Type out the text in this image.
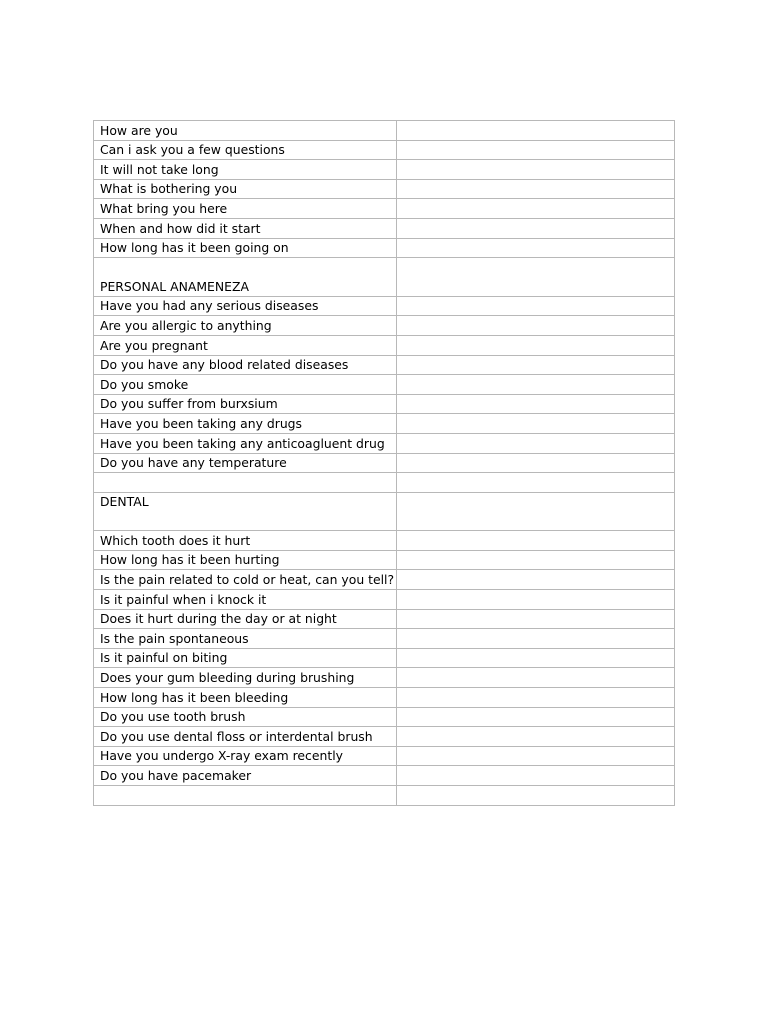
How are you	
Can i ask you a few questions	
It will not take long	
What is bothering you	
What bring you here	
When and how did it start	
How long has it been going on	
PERSONAL ANAMENEZA	
Have you had any serious diseases	
Are you allergic to anything	
Are you pregnant	
Do you have any blood related diseases	
Do you smoke	
Do you suffer from burxsium	
Have you been taking any drugs	
Have you been taking any anticoagluent drug	
Do you have any temperature	

DENTAL	
Which tooth does it hurt	
How long has it been hurting	
Is the pain related to cold or heat, can you tell?	
Is it painful when i knock it	
Does it hurt during the day or at night	
Is the pain spontaneous	
Is it painful on biting	
Does your gum bleeding during brushing	
How long has it been bleeding	
Do you use tooth brush	
Do you use dental floss or interdental brush	
Have you undergo X-ray exam recently	
Do you have pacemaker	
